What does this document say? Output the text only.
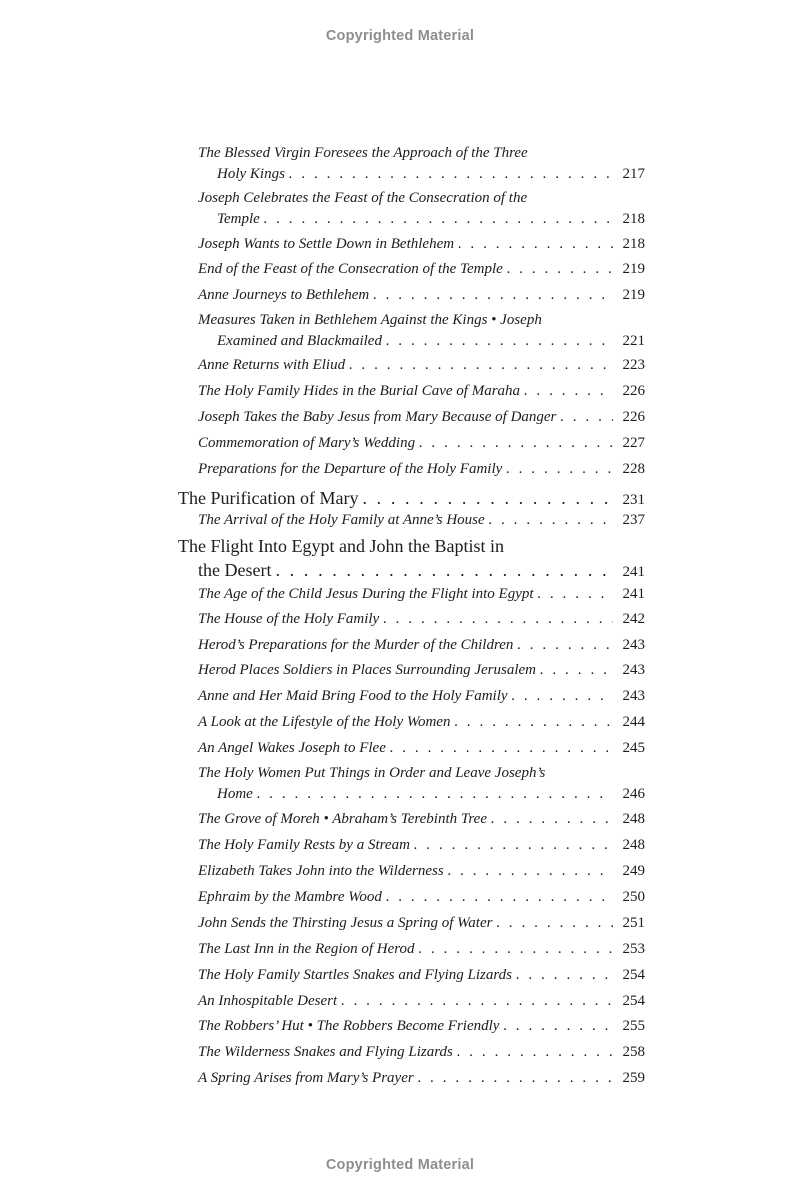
Copyrighted Material
The Blessed Virgin Foresees the Approach of the Three
Holy Kings . . .	217
Joseph Celebrates the Feast of the Consecration of the
Temple . . .	218
Joseph Wants to Settle Down in Bethlehem . . .	218
End of the Feast of the Consecration of the Temple . . .	219
Anne Journeys to Bethlehem . . .	219
Measures Taken in Bethlehem Against the Kings • Joseph
Examined and Blackmailed . . .	221
Anne Returns with Eliud . . .	223
The Holy Family Hides in the Burial Cave of Maraha . . .	226
Joseph Takes the Baby Jesus from Mary Because of Danger . . .	226
Commemoration of Mary’s Wedding . . .	227
Preparations for the Departure of the Holy Family . . .	228
The Purification of Mary . . .	231
The Arrival of the Holy Family at Anne’s House . . .	237
The Flight Into Egypt and John the Baptist in
the Desert . . .	241
The Age of the Child Jesus During the Flight into Egypt . . .	241
The House of the Holy Family . . .	242
Herod’s Preparations for the Murder of the Children . . .	243
Herod Places Soldiers in Places Surrounding Jerusalem . . .	243
Anne and Her Maid Bring Food to the Holy Family . . .	243
A Look at the Lifestyle of the Holy Women . . .	244
An Angel Wakes Joseph to Flee . . .	245
The Holy Women Put Things in Order and Leave Joseph’s
Home . . .	246
The Grove of Moreh • Abraham’s Terebinth Tree . . .	248
The Holy Family Rests by a Stream . . .	248
Elizabeth Takes John into the Wilderness . . .	249
Ephraim by the Mambre Wood . . .	250
John Sends the Thirsting Jesus a Spring of Water . . .	251
The Last Inn in the Region of Herod . . .	253
The Holy Family Startles Snakes and Flying Lizards . . .	254
An Inhospitable Desert . . .	254
The Robbers’ Hut • The Robbers Become Friendly . . .	255
The Wilderness Snakes and Flying Lizards . . .	258
A Spring Arises from Mary’s Prayer . . .	259
Copyrighted Material
